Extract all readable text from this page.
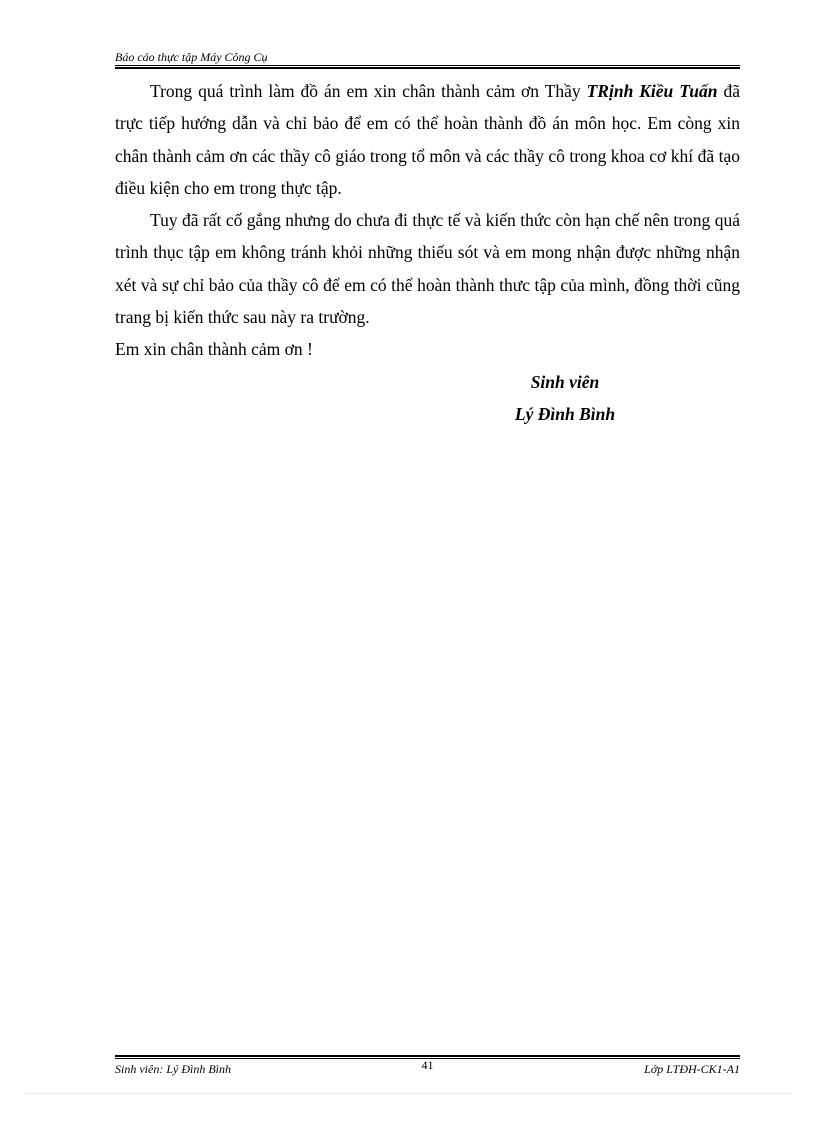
Báo cáo thực tập Máy Công Cụ

Trong quá trình làm đồ án em xin chân thành cảm ơn Thầy TRịnh Kiều Tuấn đã trực tiếp hướng dẫn và chỉ bảo để em có thể hoàn thành đồ án môn học. Em còng xin chân thành cảm ơn các thầy cô giáo trong tổ môn và các thầy cô trong khoa cơ khí đã tạo điều kiện cho em trong thực tập.

Tuy đã rất cố gắng nhưng do chưa đi thực tế và kiến thức còn hạn chế nên trong quá trình thục tập em không tránh khỏi những thiếu sót và em mong nhận được những nhận xét và sự chỉ bảo của thầy cô để em có thể hoàn thành thưc tập của mình, đồng thời cũng trang bị kiến thức sau này ra trường.

Em xin chân thành cảm ơn !

Sinh viên
Lý Đình Bình
Sinh viên: Lý Đình Bình	41	Lớp LTĐH-CK1-A1
